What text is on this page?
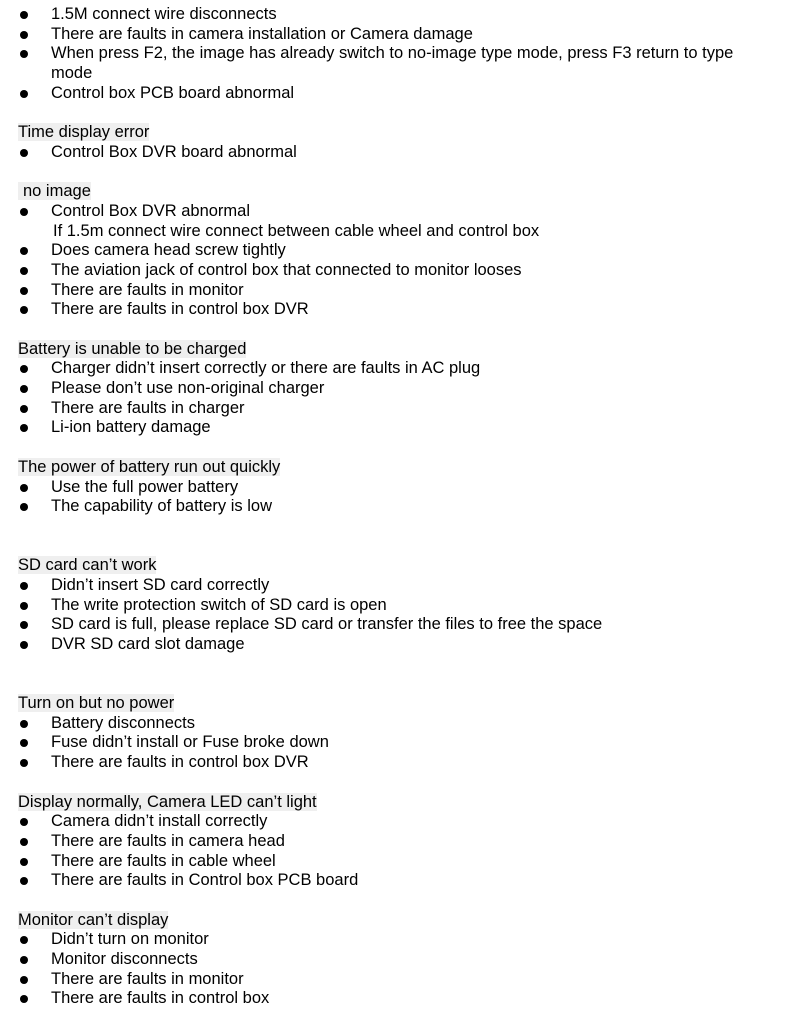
1.5M connect wire disconnects
There are faults in camera installation or Camera damage
When press F2, the image has already switch to no-image type mode, press F3 return to type
mode
Control box PCB board abnormal
Time display error
Control Box DVR board abnormal
no image
Control Box DVR abnormal
If 1.5m connect wire connect between cable wheel and control box
Does camera head screw tightly
The aviation jack of control box that connected to monitor looses
There are faults in monitor
There are faults in control box DVR
Battery is unable to be charged
Charger didn’t insert correctly or there are faults in AC plug
Please don’t use non-original charger
There are faults in charger
Li-ion battery damage
The power of battery run out quickly
Use the full power battery
The capability of battery is low
SD card can’t work
Didn’t insert SD card correctly
The write protection switch of SD card is open
SD card is full, please replace SD card or transfer the files to free the space
DVR SD card slot damage
Turn on but no power
Battery disconnects
Fuse didn’t install or Fuse broke down
There are faults in control box DVR
Display normally, Camera LED can’t light
Camera didn’t install correctly
There are faults in camera head
There are faults in cable wheel
There are faults in Control box PCB board
Monitor can’t display
Didn’t turn on monitor
Monitor disconnects
There are faults in monitor
There are faults in control box
